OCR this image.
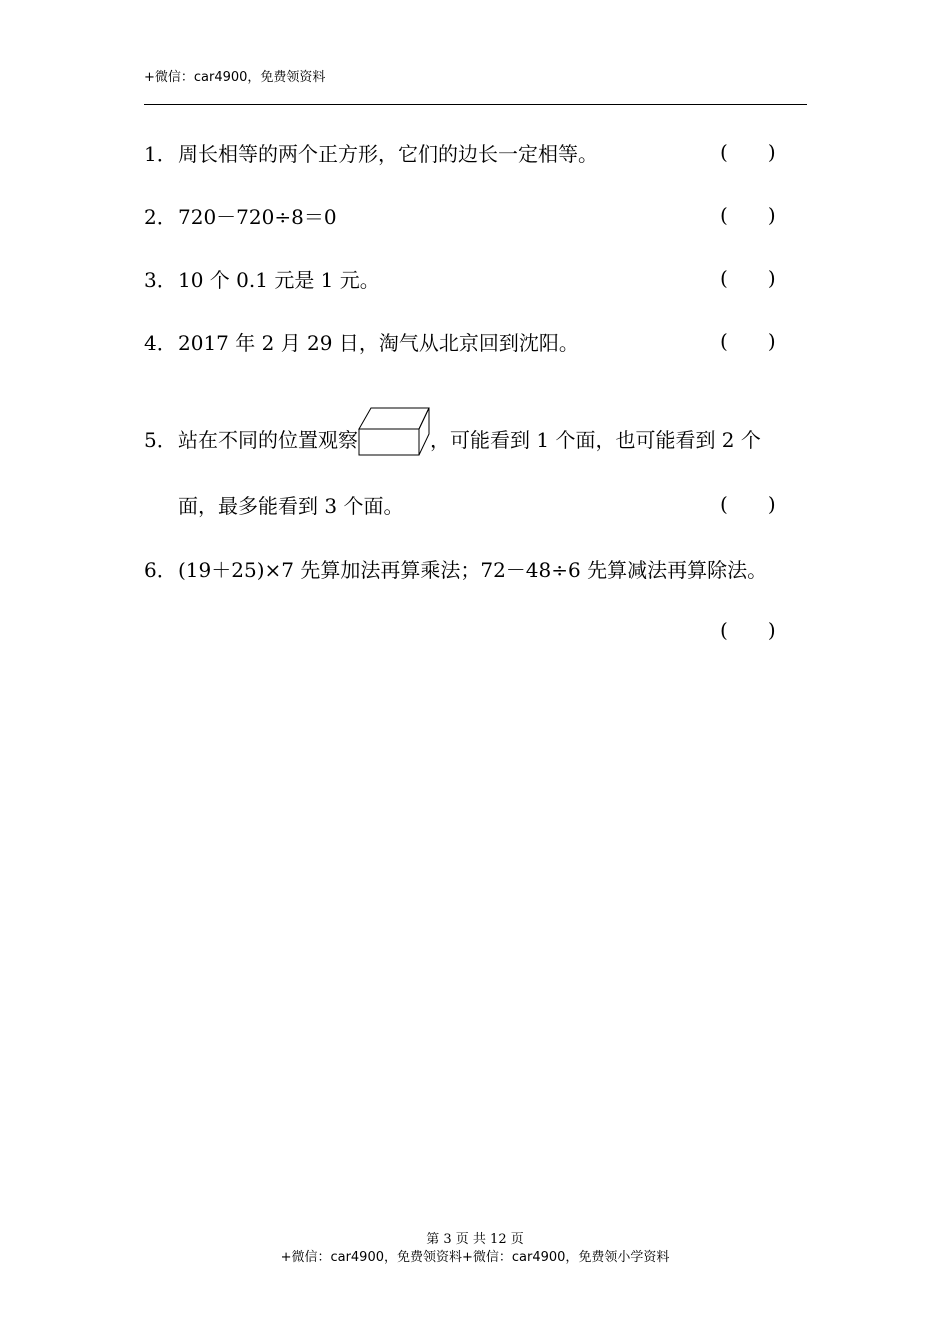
+微信：car4900，免费领资料
1．周长相等的两个正方形，它们的边长一定相等。	( )
2．720－720÷8＝0	( )
3．10 个 0.1 元是 1 元。	( )
4．2017 年 2 月 29 日，淘气从北京回到沈阳。	( )
5．站在不同的位置观察	，可能看到 1 个面，也可能看到 2 个
面，最多能看到 3 个面。	( )
6．(19＋25)×7 先算加法再算乘法；72－48÷6 先算减法再算除法。
( )
第 3 页 共 12 页
+微信：car4900，免费领资料+微信：car4900，免费领小学资料
